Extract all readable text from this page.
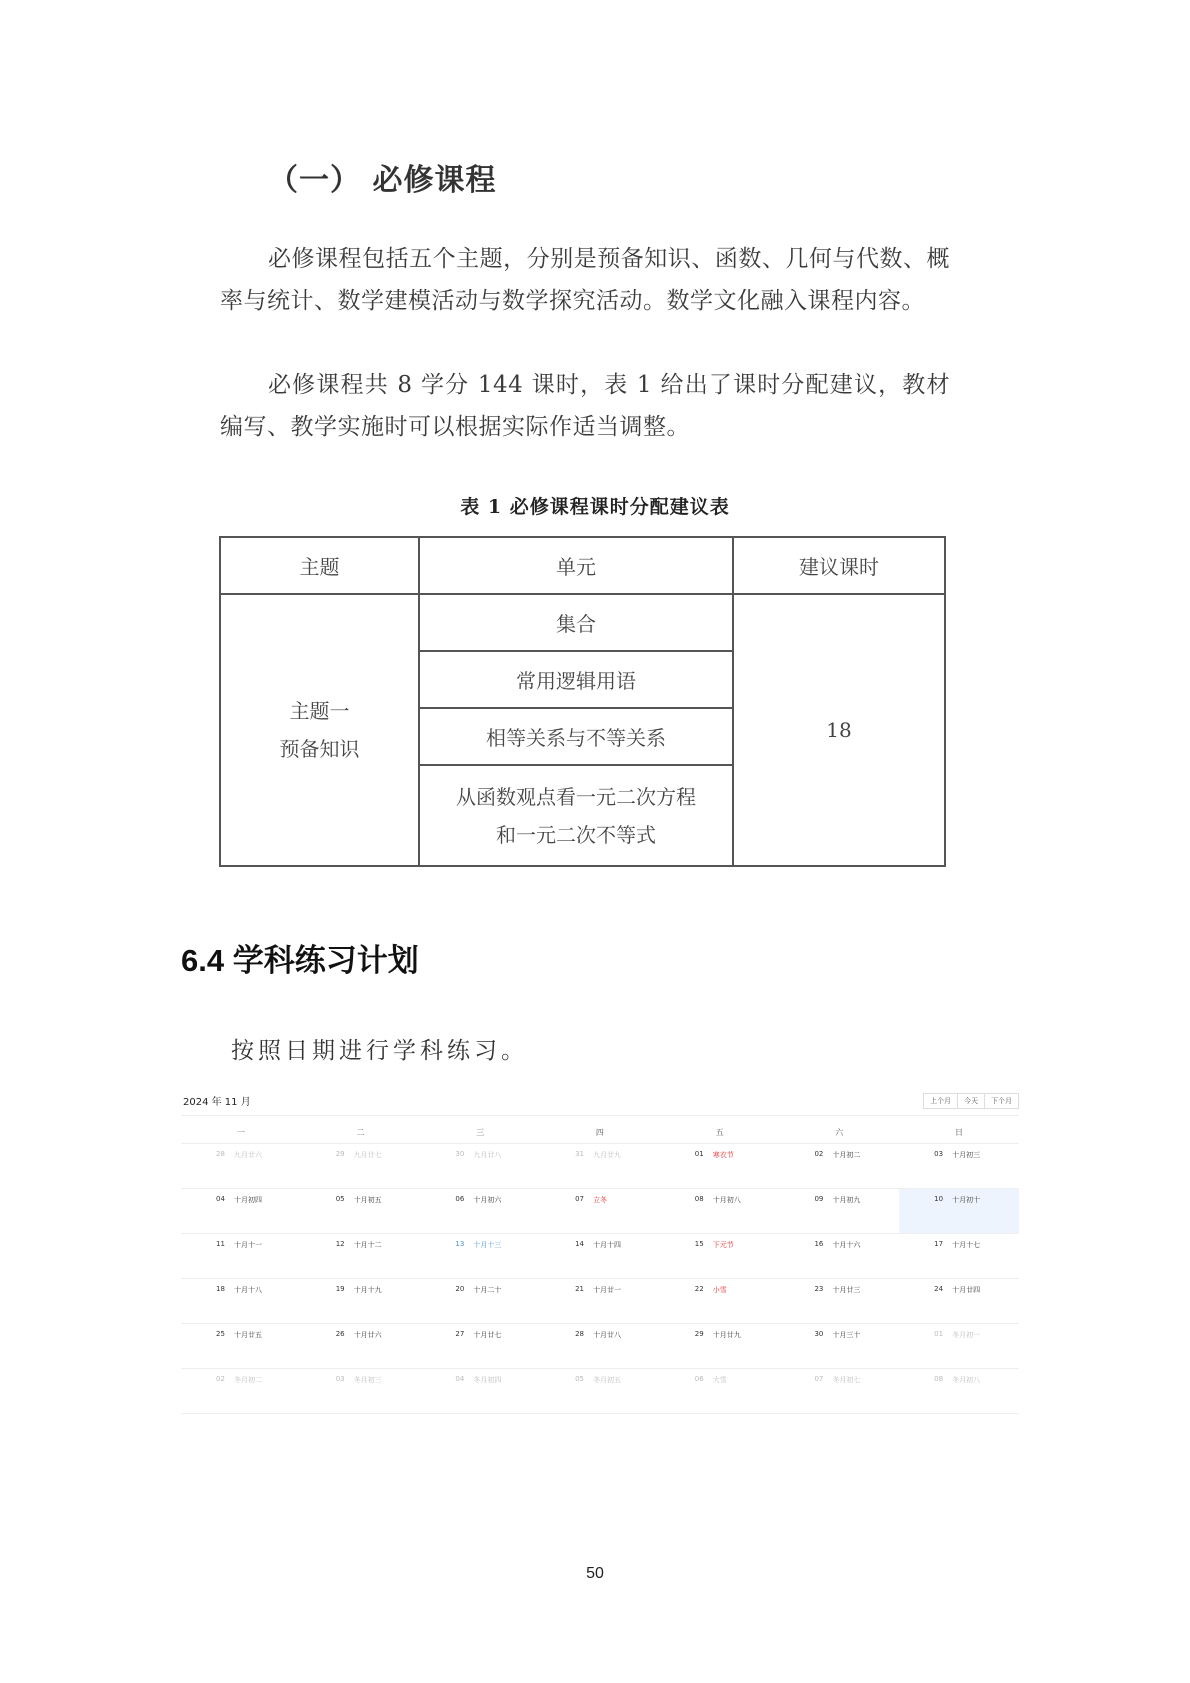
（一） 必修课程

必修课程包括五个主题，分别是预备知识、函数、几何与代数、概率与统计、数学建模活动与数学探究活动。数学文化融入课程内容。

必修课程共 8 学分 144 课时，表 1 给出了课时分配建议，教材编写、教学实施时可以根据实际作适当调整。

表 1 必修课程课时分配建议表

主题	单元	建议课时

主题一
预备知识	集合	18
	常用逻辑用语	
	相等关系与不等关系	

	从函数观点看一元二次方程
和一元二次不等式	
6.4 学科练习计划

按照日期进行学科练习。

2024 年 11 月	上个月	今天	下个月
一	二	三	四	五	六	日
28 九月廿六	29 九月廿七	30 九月廿八	31 九月廿九	01 寒衣节	02 十月初二	03 十月初三
04 十月初四	05 十月初五	06 十月初六	07 立冬	08 十月初八	09 十月初九	10 十月初十
11 十月十一	12 十月十二	13 十月十三	14 十月十四	15 下元节	16 十月十六	17 十月十七
18 十月十八	19 十月十九	20 十月二十	21 十月廿一	22 小雪	23 十月廿三	24 十月廿四
25 十月廿五	26 十月廿六	27 十月廿七	28 十月廿八	29 十月廿九	30 十月三十	01 冬月初一
02 冬月初二	03 冬月初三	04 冬月初四	05 冬月初五	06 大雪	07 冬月初七	08 冬月初八
50
